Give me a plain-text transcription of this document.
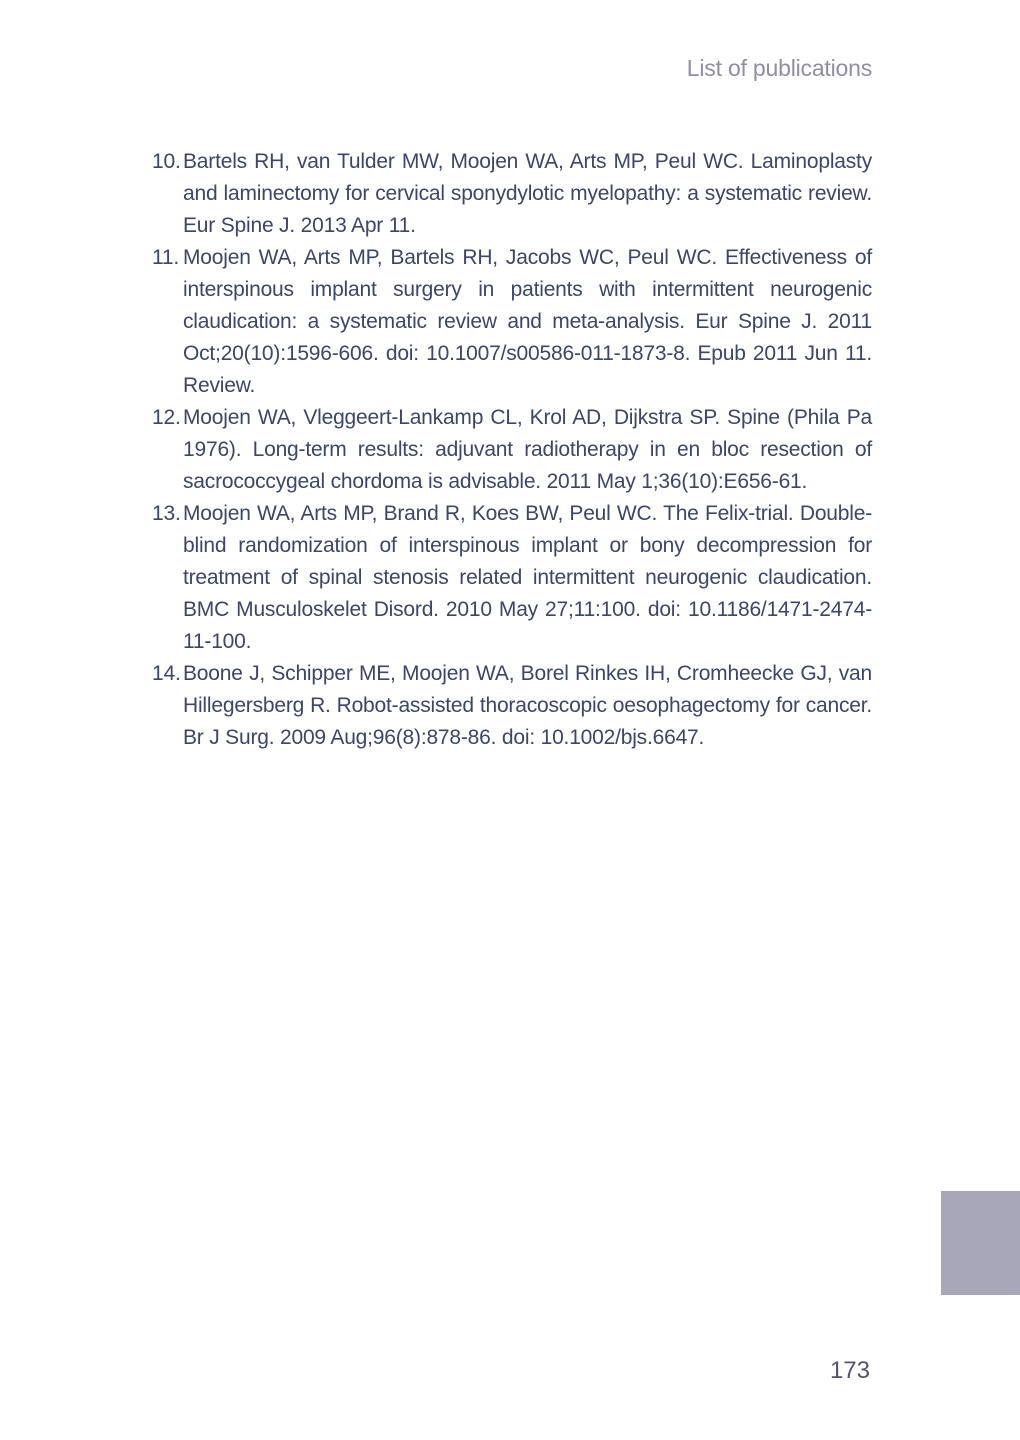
List of publications
10. Bartels RH, van Tulder MW, Moojen WA, Arts MP, Peul WC. Laminoplasty and laminectomy for cervical sponydylotic myelopathy: a systematic review. Eur Spine J. 2013 Apr 11.
11. Moojen WA, Arts MP, Bartels RH, Jacobs WC, Peul WC. Effectiveness of interspinous implant surgery in patients with intermittent neurogenic claudication: a systematic review and meta-analysis. Eur Spine J. 2011 Oct;20(10):1596-606. doi: 10.1007/s00586-011-1873-8. Epub 2011 Jun 11. Review.
12. Moojen WA, Vleggeert-Lankamp CL, Krol AD, Dijkstra SP. Spine (Phila Pa 1976). Long-term results: adjuvant radiotherapy in en bloc resection of sacrococcygeal chordoma is advisable. 2011 May 1;36(10):E656-61.
13. Moojen WA, Arts MP, Brand R, Koes BW, Peul WC. The Felix-trial. Double-blind randomization of interspinous implant or bony decompression for treatment of spinal stenosis related intermittent neurogenic claudication. BMC Musculoskelet Disord. 2010 May 27;11:100. doi: 10.1186/1471-2474-11-100.
14. Boone J, Schipper ME, Moojen WA, Borel Rinkes IH, Cromheecke GJ, van Hillegersberg R. Robot-assisted thoracoscopic oesophagectomy for cancer. Br J Surg. 2009 Aug;96(8):878-86. doi: 10.1002/bjs.6647.
173
